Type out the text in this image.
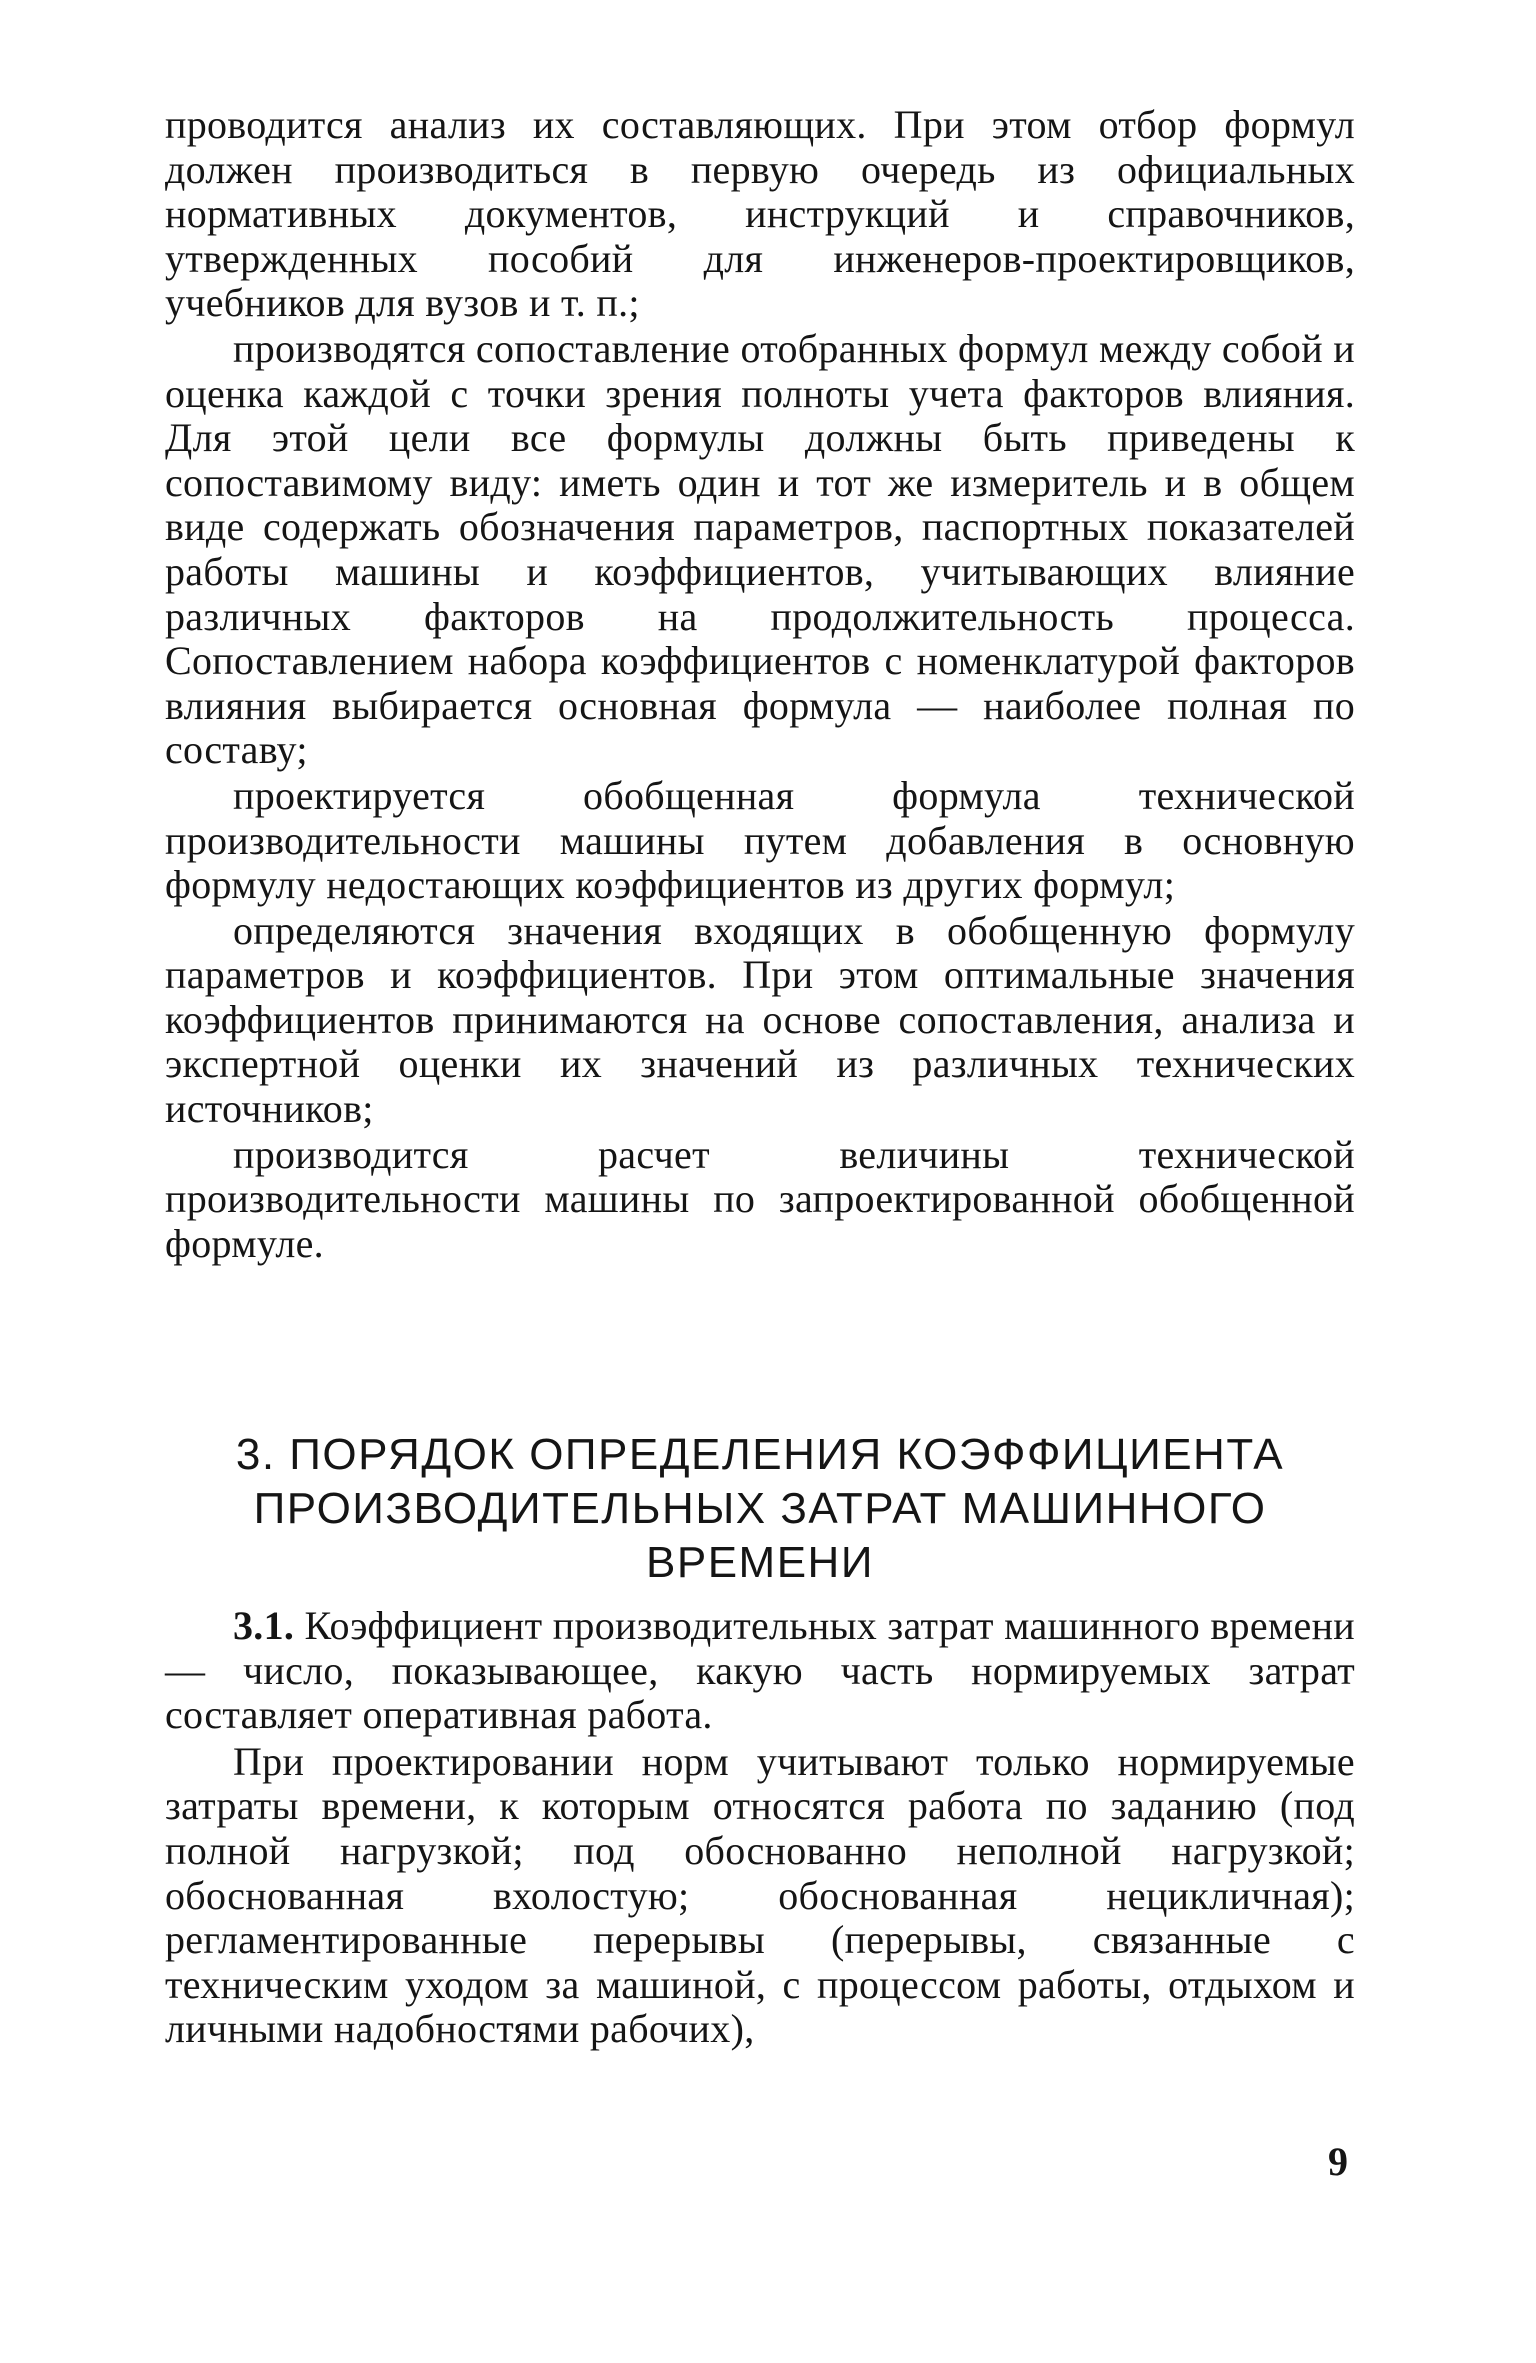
проводится анализ их составляющих. При этом отбор формул должен производиться в первую очередь из официальных нормативных документов, инструкций и справочников, утвержденных пособий для инженеров-проектировщиков, учебников для вузов и т. п.;

производятся сопоставление отобранных формул между собой и оценка каждой с точки зрения полноты учета факторов влияния. Для этой цели все формулы должны быть приведены к сопоставимому виду: иметь один и тот же измеритель и в общем виде содержать обозначения параметров, паспортных показателей работы машины и коэффициентов, учитывающих влияние различных факторов на продолжительность процесса. Сопоставлением набора коэффициентов с номенклатурой факторов влияния выбирается основная формула — наиболее полная по составу;

проектируется обобщенная формула технической производительности машины путем добавления в основную формулу недостающих коэффициентов из других формул;

определяются значения входящих в обобщенную формулу параметров и коэффициентов. При этом оптимальные значения коэффициентов принимаются на основе сопоставления, анализа и экспертной оценки их значений из различных технических источников;

производится расчет величины технической производительности машины по запроектированной обобщенной формуле.

3. ПОРЯДОК ОПРЕДЕЛЕНИЯ КОЭФФИЦИЕНТА
ПРОИЗВОДИТЕЛЬНЫХ ЗАТРАТ МАШИННОГО
ВРЕМЕНИ

3.1. Коэффициент производительных затрат машинного времени — число, показывающее, какую часть нормируемых затрат составляет оперативная работа.

При проектировании норм учитывают только нормируемые затраты времени, к которым относятся работа по заданию (под полной нагрузкой; под обоснованно неполной нагрузкой; обоснованная вхолостую; обоснованная нецикличная); регламентированные перерывы (перерывы, связанные с техническим уходом за машиной, с процессом работы, отдыхом и личными надобностями рабочих),

9
